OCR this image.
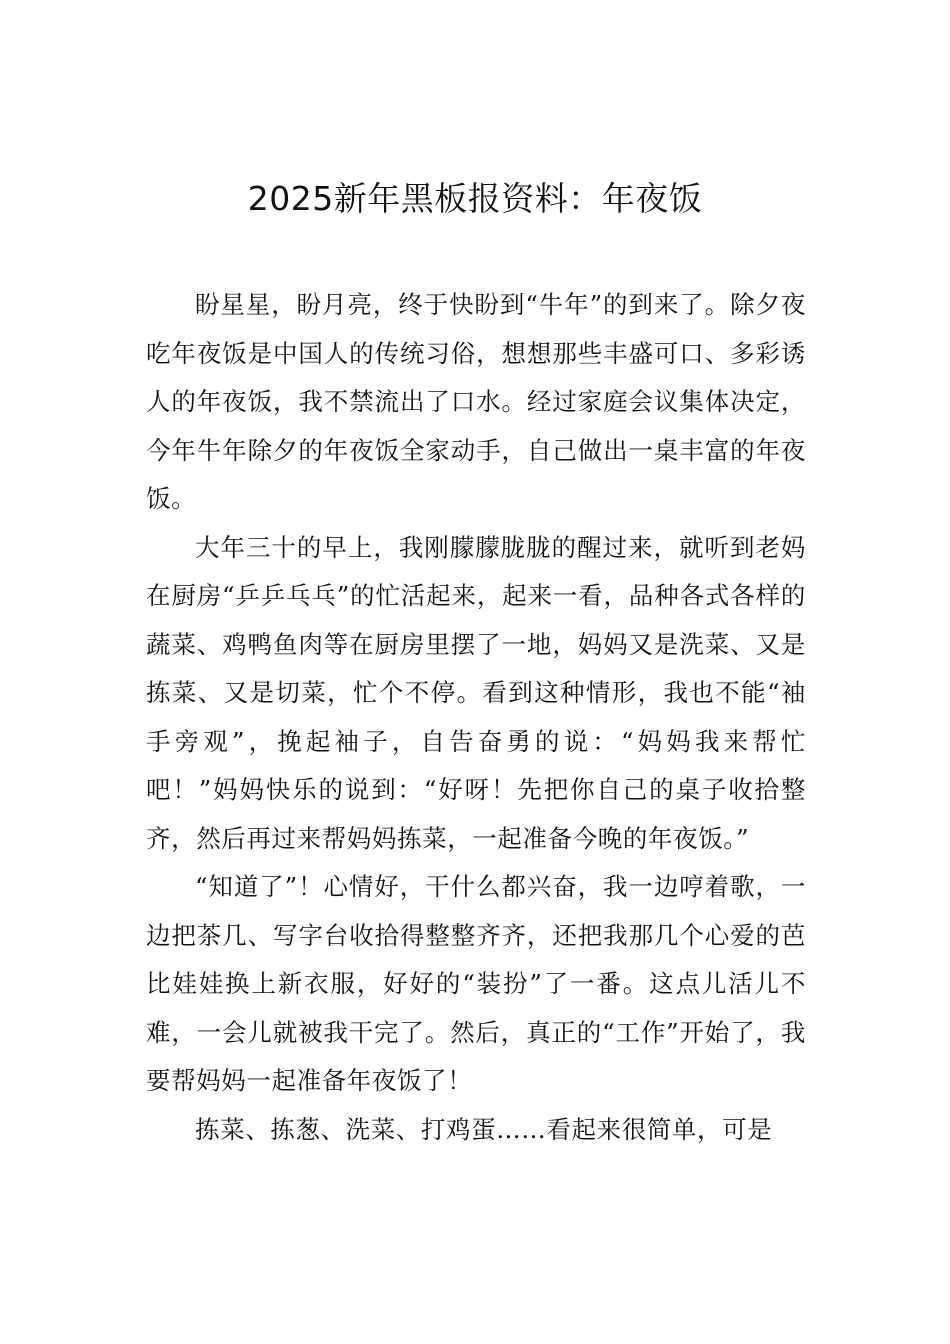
2025新年黑板报资料：年夜饭

盼星星，盼月亮，终于快盼到“牛年”的到来了。除夕夜吃年夜饭是中国人的传统习俗，想想那些丰盛可口、多彩诱人的年夜饭，我不禁流出了口水。经过家庭会议集体决定，今年牛年除夕的年夜饭全家动手，自己做出一桌丰富的年夜饭。

大年三十的早上，我刚朦朦胧胧的醒过来，就听到老妈在厨房“乒乒乓乓”的忙活起来，起来一看，品种各式各样的蔬菜、鸡鸭鱼肉等在厨房里摆了一地，妈妈又是洗菜、又是拣菜、又是切菜，忙个不停。看到这种情形，我也不能“袖手旁观”，挽起袖子，自告奋勇的说：“妈妈我来帮忙吧！”妈妈快乐的说到：“好呀！先把你自己的桌子收拾整齐，然后再过来帮妈妈拣菜，一起准备今晚的年夜饭。”

“知道了”！心情好，干什么都兴奋，我一边哼着歌，一边把茶几、写字台收拾得整整齐齐，还把我那几个心爱的芭比娃娃换上新衣服，好好的“装扮”了一番。这点儿活儿不难，一会儿就被我干完了。然后，真正的“工作”开始了，我要帮妈妈一起准备年夜饭了！

拣菜、拣葱、洗菜、打鸡蛋……看起来很简单，可是
